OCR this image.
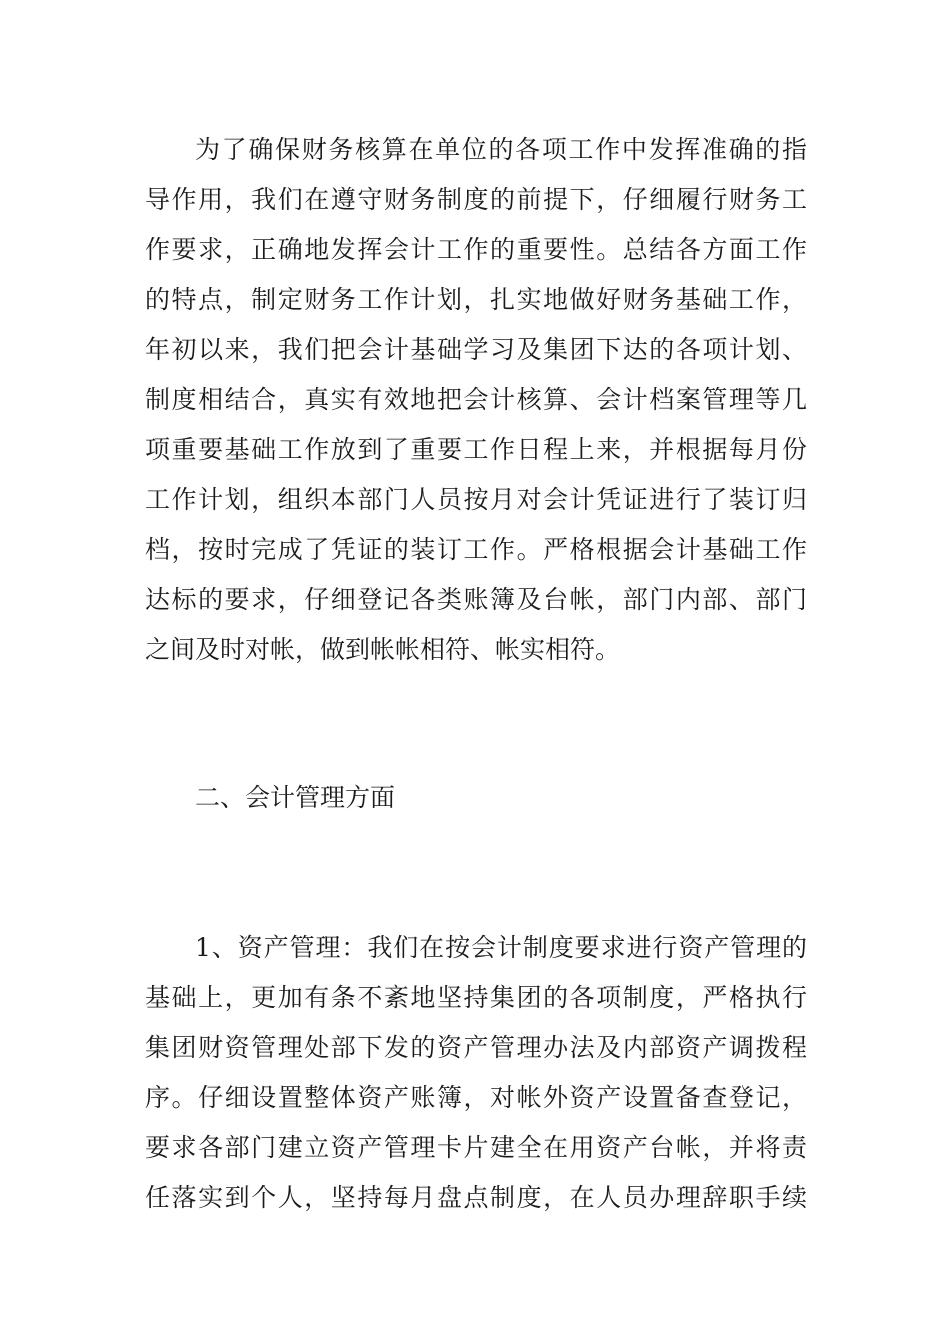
为了确保财务核算在单位的各项工作中发挥准确的指
导作用，我们在遵守财务制度的前提下，仔细履行财务工
作要求，正确地发挥会计工作的重要性。总结各方面工作
的特点，制定财务工作计划，扎实地做好财务基础工作，
年初以来，我们把会计基础学习及集团下达的各项计划、
制度相结合，真实有效地把会计核算、会计档案管理等几
项重要基础工作放到了重要工作日程上来，并根据每月份
工作计划，组织本部门人员按月对会计凭证进行了装订归
档，按时完成了凭证的装订工作。严格根据会计基础工作
达标的要求，仔细登记各类账簿及台帐，部门内部、部门
之间及时对帐，做到帐帐相符、帐实相符。
二、会计管理方面
1、资产管理：我们在按会计制度要求进行资产管理的
基础上，更加有条不紊地坚持集团的各项制度，严格执行
集团财资管理处部下发的资产管理办法及内部资产调拨程
序。仔细设置整体资产账簿，对帐外资产设置备查登记，
要求各部门建立资产管理卡片建全在用资产台帐，并将责
任落实到个人，坚持每月盘点制度，在人员办理辞职手续
